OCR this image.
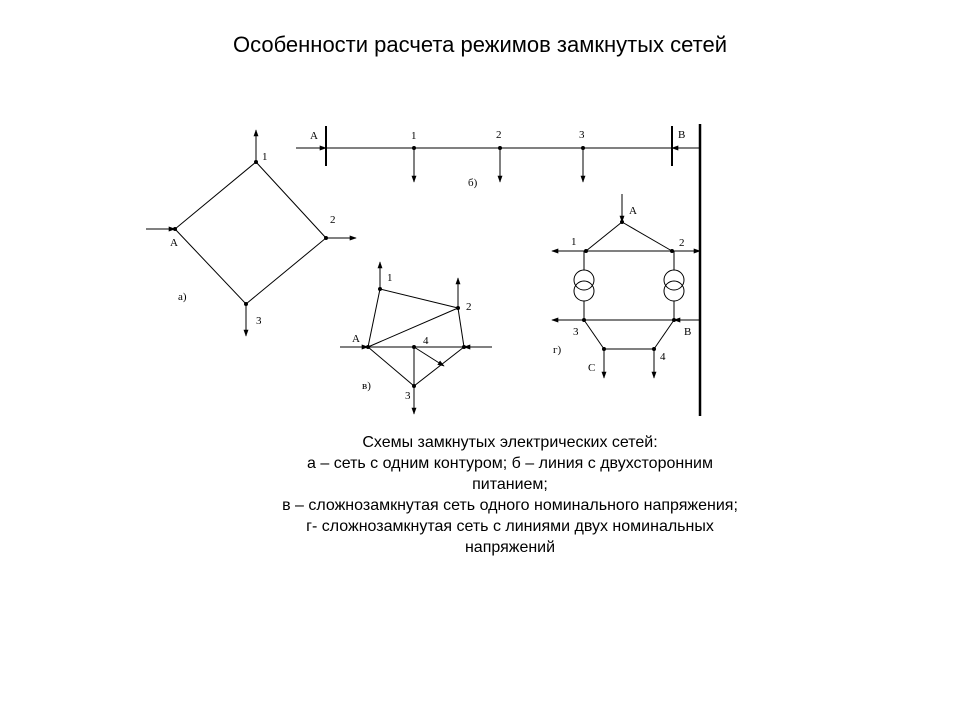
Особенности расчета режимов замкнутых сетей
1
2
3
А
а)
А	1	2	3	В
б)
1
2
А	4
3
в)
А
1	2
3	В
С
4
г)
Схемы замкнутых электрических сетей:
а – сеть с одним контуром; б – линия с двухсторонним
питанием;
в – сложнозамкнутая сеть одного номинального напряжения;
г- сложнозамкнутая сеть с линиями двух номинальных
напряжений
